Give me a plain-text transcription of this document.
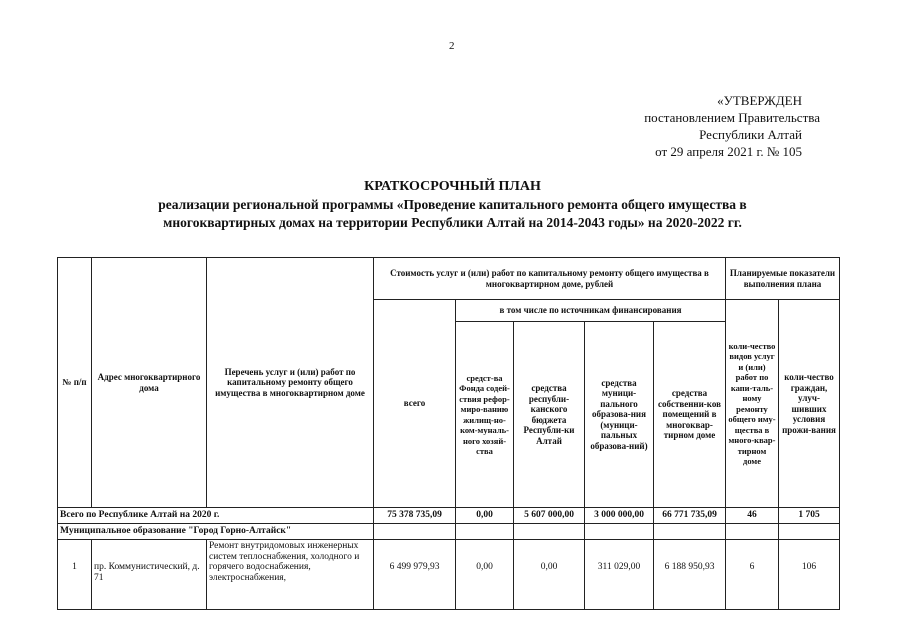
2
«УТВЕРЖДЕН
постановлением Правительства
Республики Алтай
от 29 апреля 2021 г. № 105
КРАТКОСРОЧНЫЙ ПЛАН
реализации региональной программы «Проведение капитального ремонта общего имущества в
многоквартирных домах на территории Республики Алтай на 2014-2043 годы» на 2020-2022 гг.
№ п/п	Адрес многоквартирного дома	Перечень услуг и (или) работ по капитальному ремонту общего имущества в многоквартирном доме	Стоимость услуг и (или) работ по капитальному ремонту общего имущества в многоквартирном доме, рублей					Планируемые показатели выполнения плана	
			всего	в том числе по источникам финансирования				коли-чество видов услуг и (или) работ по капи-таль-ному ремонту общего иму-щества в много-квар-тирном доме	коли-чество граждан, улуч-шивших условия прожи-вания
				средст-ва Фонда содей-ствия рефор-миро-ванию жилищ-но- ком-муналь-ного хозяй-ства	средства республи-канского бюджета Республи-ки Алтай	средства муници-пального образова-ния (муници-пальных образова-ний)	средства собственни-ков помещений в многоквар-тирном доме		
Всего по Республике Алтай на 2020 г.			75 378 735,09	0,00	5 607 000,00	3 000 000,00	66 771 735,09	46	1 705
Муниципальное образование "Город Горно-Алтайск"									
1	пр. Коммунистический, д. 71	Ремонт внутридомовых инженерных систем теплоснабжения, холодного и горячего водоснабжения, электроснабжения,	6 499 979,93	0,00	0,00	311 029,00	6 188 950,93	6	106
